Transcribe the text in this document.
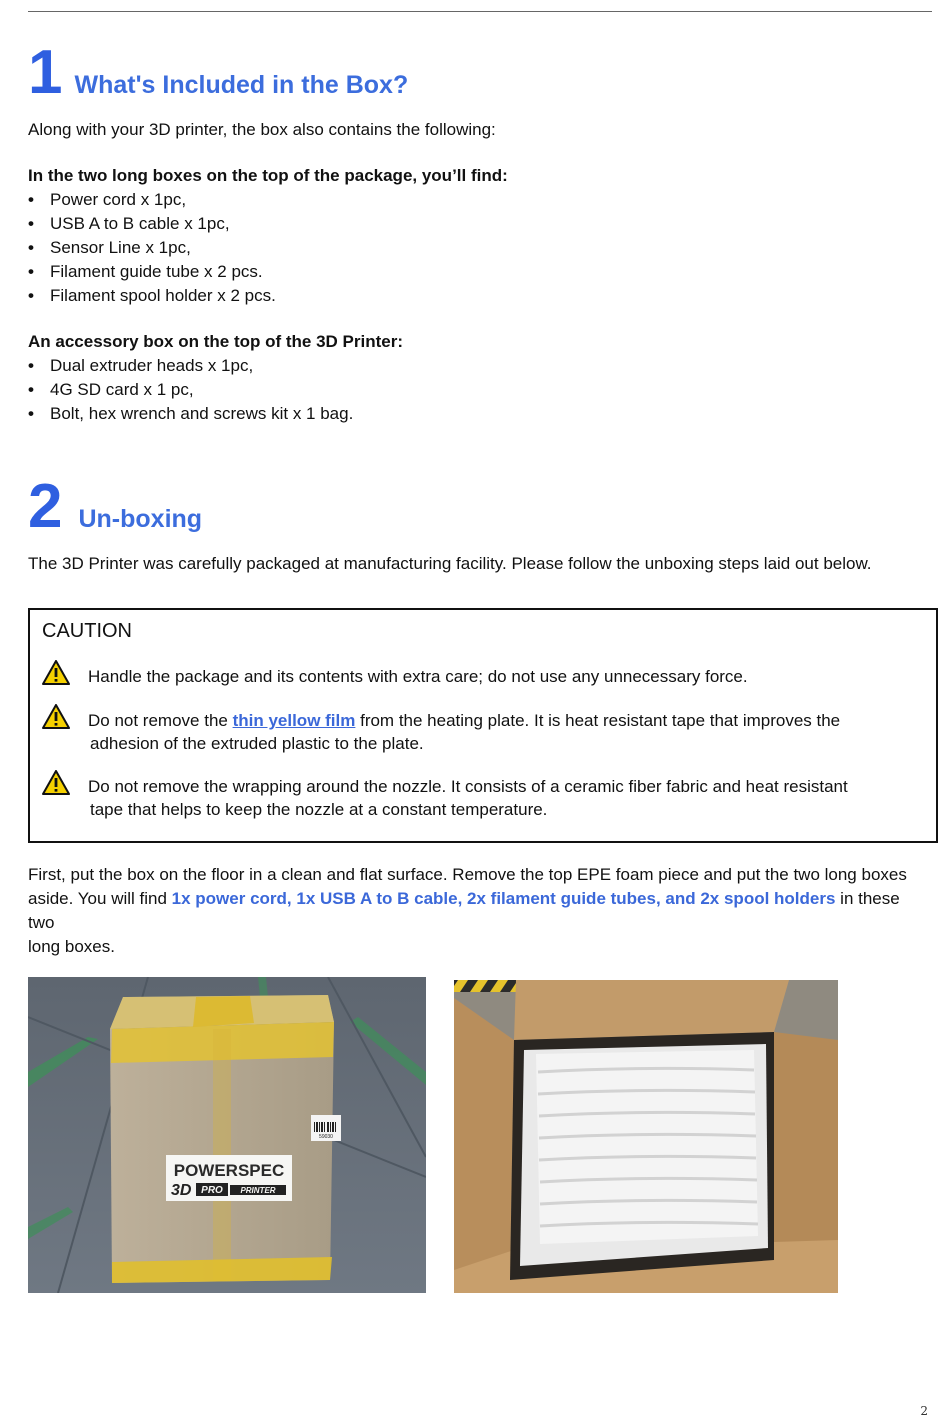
1 What's Included in the Box?
Along with your 3D printer, the box also contains the following:
In the two long boxes on the top of the package, you’ll find:
• Power cord x 1pc,
• USB A to B cable x 1pc,
• Sensor Line x 1pc,
• Filament guide tube x 2 pcs.
• Filament spool holder x 2 pcs.
An accessory box on the top of the 3D Printer:
• Dual extruder heads x 1pc,
• 4G SD card x 1 pc,
• Bolt, hex wrench and screws kit x 1 bag.
2 Un-boxing
The 3D Printer was carefully packaged at manufacturing facility. Please follow the unboxing steps laid out below.
CAUTION
Handle the package and its contents with extra care; do not use any unnecessary force.
Do not remove the thin yellow film from the heating plate. It is heat resistant tape that improves the
adhesion of the extruded plastic to the plate.
Do not remove the wrapping around the nozzle. It consists of a ceramic fiber fabric and heat resistant
tape that helps to keep the nozzle at a constant temperature.
First, put the box on the floor in a clean and flat surface. Remove the top EPE foam piece and put the two long boxes
aside. You will find 1x power cord, 1x USB A to B cable, 2x filament guide tubes, and 2x spool holders in these two
long boxes.
59030
POWERSPEC
3D PRO PRINTER
2
